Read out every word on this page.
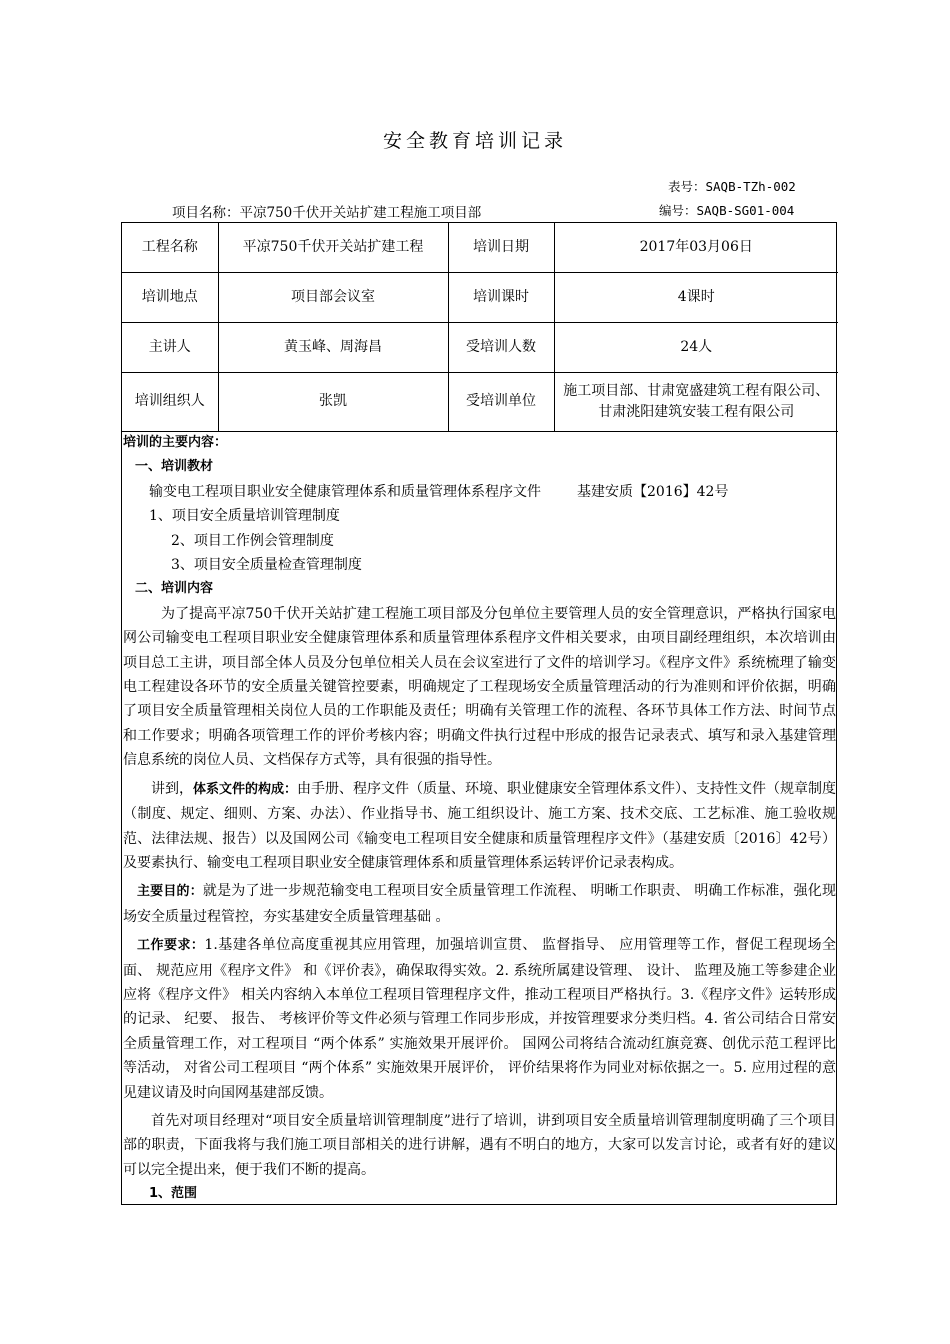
安全教育培训记录
表号：SAQB-TZh-002
项目名称：平凉750千伏开关站扩建工程施工项目部	编号：SAQB-SG01-004
工程名称	平凉750千伏开关站扩建工程	培训日期	2017年03月06日
培训地点	项目部会议室	培训课时	4课时
主讲人	黄玉峰、周海昌	受培训人数	24人
培训组织人	张凯	受培训单位	施工项目部、甘肃宽盛建筑工程有限公司、甘肃洮阳建筑安装工程有限公司

培训的主要内容：

一、培训教材

输变电工程项目职业安全健康管理体系和质量管理体系程序文件	基建安质【2016】42号

1、项目安全质量培训管理制度

2、项目工作例会管理制度

3、项目安全质量检查管理制度

二、培训内容

为了提高平凉750千伏开关站扩建工程施工项目部及分包单位主要管理人员的安全管理意识，严格执行国家电网公司输变电工程项目职业安全健康管理体系和质量管理体系程序文件相关要求，由项目副经理组织，本次培训由项目总工主讲，项目部全体人员及分包单位相关人员在会议室进行了文件的培训学习。《程序文件》系统梳理了输变电工程建设各环节的安全质量关键管控要素，明确规定了工程现场安全质量管理活动的行为准则和评价依据，明确了项目安全质量管理相关岗位人员的工作职能及责任；明确有关管理工作的流程、各环节具体工作方法、时间节点和工作要求；明确各项管理工作的评价考核内容；明确文件执行过程中形成的报告记录表式、填写和录入基建管理信息系统的岗位人员、文档保存方式等，具有很强的指导性。

讲到，体系文件的构成：由手册、程序文件（质量、环境、职业健康安全管理体系文件）、支持性文件（规章制度（制度、规定、细则、方案、办法）、作业指导书、施工组织设计、施工方案、技术交底、工艺标准、施工验收规范、法律法规、报告）以及国网公司《输变电工程项目安全健康和质量管理程序文件》（基建安质〔2016〕42号）及要素执行、输变电工程项目职业安全健康管理体系和质量管理体系运转评价记录表构成。

主要目的：就是为了进一步规范输变电工程项目安全质量管理工作流程、 明晰工作职责、 明确工作标准，强化现场安全质量过程管控，夯实基建安全质量管理基础 。

工作要求：1.基建各单位高度重视其应用管理，加强培训宣贯、 监督指导、 应用管理等工作，督促工程现场全面、 规范应用《程序文件》 和《评价表》，确保取得实效。2. 系统所属建设管理、 设计、 监理及施工等参建企业应将《程序文件》 相关内容纳入本单位工程项目管理程序文件，推动工程项目严格执行。3.《程序文件》运转形成的记录、 纪要、 报告、 考核评价等文件必须与管理工作同步形成，并按管理要求分类归档。4. 省公司结合日常安全质量管理工作，对工程项目 “两个体系” 实施效果开展评价。 国网公司将结合流动红旗竞赛、创优示范工程评比等活动， 对省公司工程项目 “两个体系” 实施效果开展评价， 评价结果将作为同业对标依据之一。5. 应用过程的意见建议请及时向国网基建部反馈。

首先对项目经理对“项目安全质量培训管理制度”进行了培训，讲到项目安全质量培训管理制度明确了三个项目部的职责，下面我将与我们施工项目部相关的进行讲解，遇有不明白的地方，大家可以发言讨论，或者有好的建议可以完全提出来，便于我们不断的提高。

1、范围
